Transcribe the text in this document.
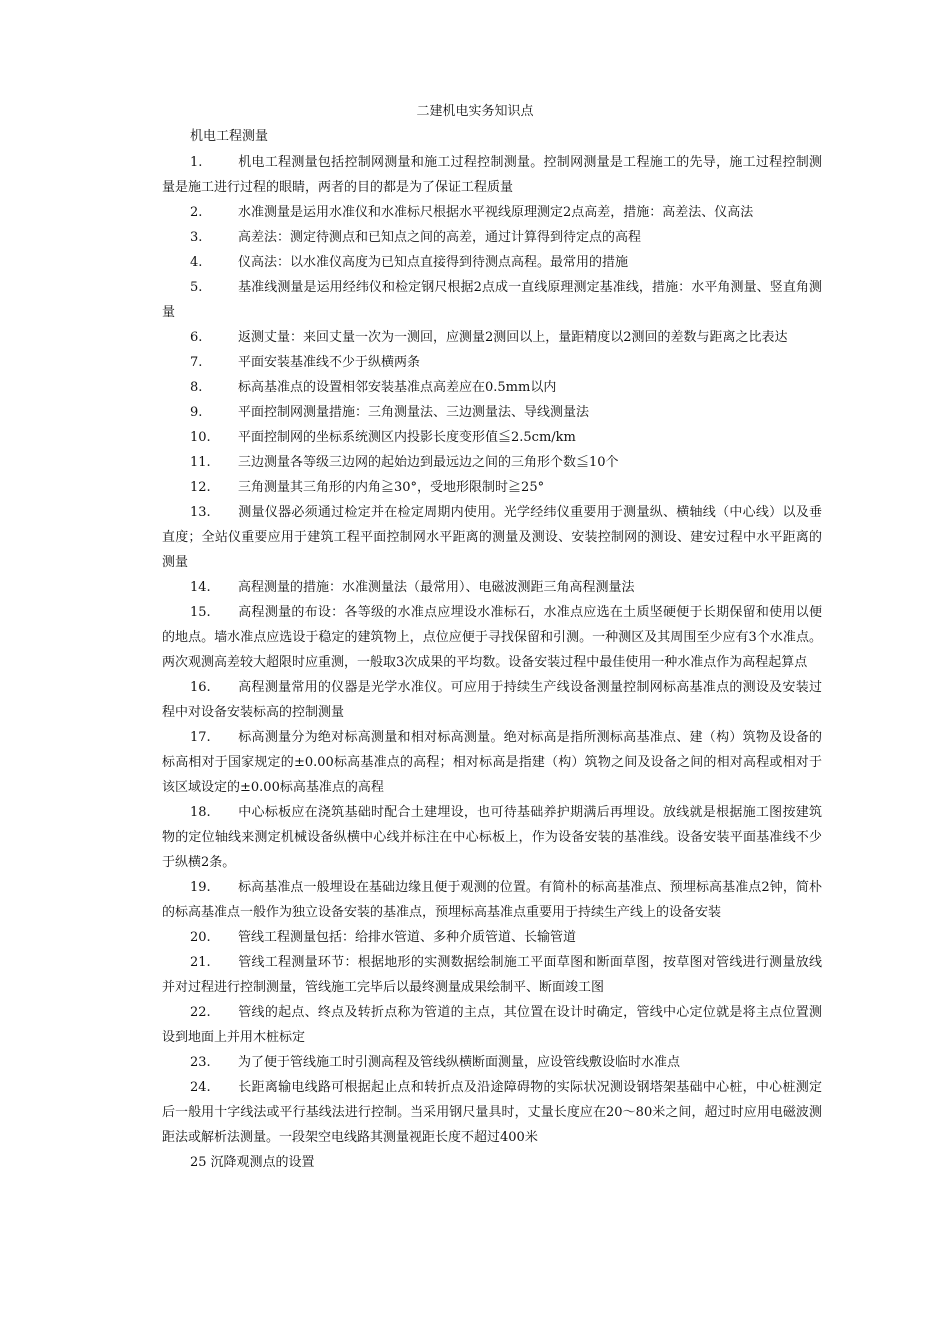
二建机电实务知识点
机电工程测量
1.	机电工程测量包括控制网测量和施工过程控制测量。控制网测量是工程施工的先导，施工过程控制测量是施工进行过程的眼睛，两者的目的都是为了保证工程质量
2.	水准测量是运用水准仪和水准标尺根据水平视线原理测定2点高差，措施：高差法、仪高法
3.	高差法：测定待测点和已知点之间的高差，通过计算得到待定点的高程
4.	仪高法：以水准仪高度为已知点直接得到待测点高程。最常用的措施
5.	基准线测量是运用经纬仪和检定钢尺根据2点成一直线原理测定基准线，措施：水平角测量、竖直角测量
6.	返测丈量：来回丈量一次为一测回，应测量2测回以上，量距精度以2测回的差数与距离之比表达
7.	平面安装基准线不少于纵横两条
8.	标高基准点的设置相邻安装基准点高差应在0.5mm以内
9.	平面控制网测量措施：三角测量法、三边测量法、导线测量法
10. 平面控制网的坐标系统测区内投影长度变形值≦2.5cm/km
11. 三边测量各等级三边网的起始边到最远边之间的三角形个数≦10个
12. 三角测量其三角形的内角≧30°，受地形限制时≧25°
13. 测量仪器必须通过检定并在检定周期内使用。光学经纬仪重要用于测量纵、横轴线（中心线）以及垂直度；全站仪重要应用于建筑工程平面控制网水平距离的测量及测设、安装控制网的测设、建安过程中水平距离的测量
14. 高程测量的措施：水准测量法（最常用）、电磁波测距三角高程测量法
15. 高程测量的布设：各等级的水准点应埋设水准标石，水准点应选在土质坚硬便于长期保留和使用以便的地点。墙水准点应选设于稳定的建筑物上，点位应便于寻找保留和引测。一种测区及其周围至少应有3个水准点。两次观测高差较大超限时应重测，一般取3次成果的平均数。设备安装过程中最佳使用一种水准点作为高程起算点
16. 高程测量常用的仪器是光学水准仪。可应用于持续生产线设备测量控制网标高基准点的测设及安装过程中对设备安装标高的控制测量
17. 标高测量分为绝对标高测量和相对标高测量。绝对标高是指所测标高基准点、建（构）筑物及设备的标高相对于国家规定的±0.00标高基准点的高程；相对标高是指建（构）筑物之间及设备之间的相对高程或相对于该区域设定的±0.00标高基准点的高程
18. 中心标板应在浇筑基础时配合土建埋设，也可待基础养护期满后再埋设。放线就是根据施工图按建筑物的定位轴线来测定机械设备纵横中心线并标注在中心标板上，作为设备安装的基准线。设备安装平面基准线不少于纵横2条。
19. 标高基准点一般埋设在基础边缘且便于观测的位置。有简朴的标高基准点、预埋标高基准点2钟，简朴的标高基准点一般作为独立设备安装的基准点，预埋标高基准点重要用于持续生产线上的设备安装
20. 管线工程测量包括：给排水管道、多种介质管道、长输管道
21. 管线工程测量环节：根据地形的实测数据绘制施工平面草图和断面草图，按草图对管线进行测量放线并对过程进行控制测量，管线施工完毕后以最终测量成果绘制平、断面竣工图
22. 管线的起点、终点及转折点称为管道的主点，其位置在设计时确定，管线中心定位就是将主点位置测设到地面上并用木桩标定
23. 为了便于管线施工时引测高程及管线纵横断面测量，应设管线敷设临时水准点
24. 长距离输电线路可根据起止点和转折点及沿途障碍物的实际状况测设钢塔架基础中心桩，中心桩测定后一般用十字线法或平行基线法进行控制。当采用钢尺量具时，丈量长度应在20～80米之间，超过时应用电磁波测距法或解析法测量。一段架空电线路其测量视距长度不超过400米
25 沉降观测点的设置
